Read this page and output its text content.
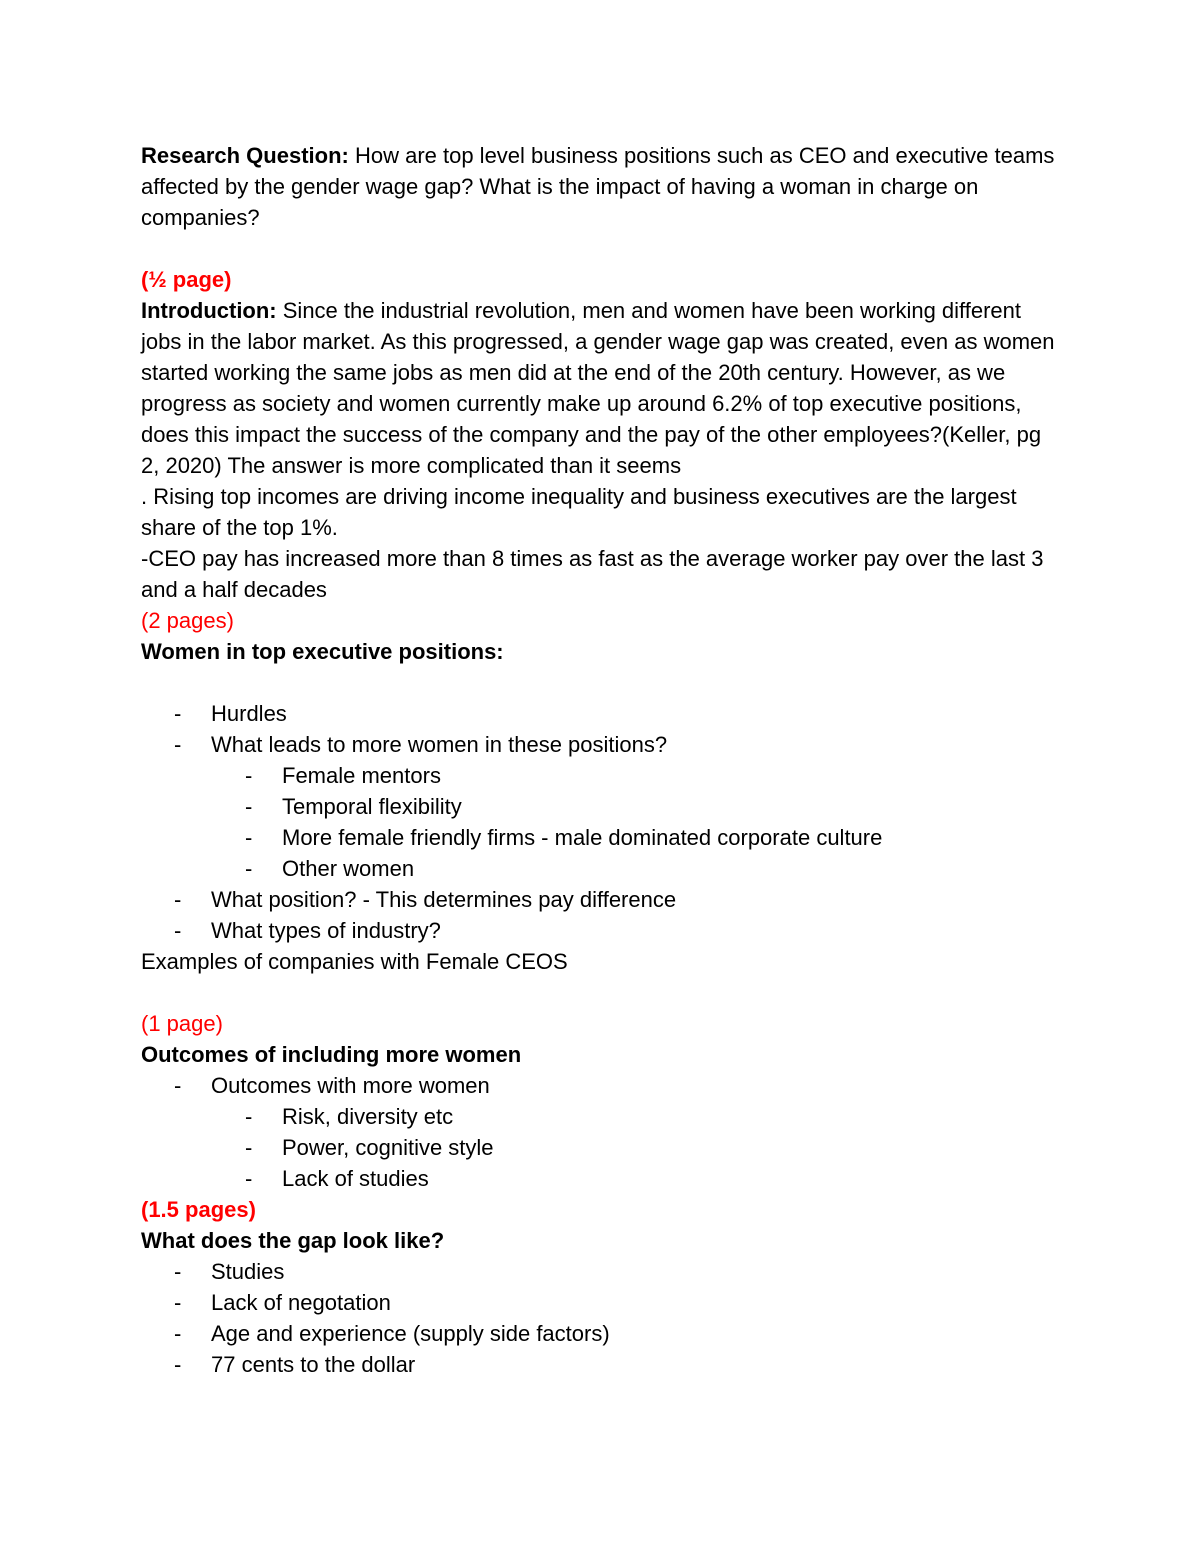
Research Question: How are top level business positions such as CEO and executive teams affected by the gender wage gap? What is the impact of having a woman in charge on companies?

(½ page)

Introduction: Since the industrial revolution, men and women have been working different jobs in the labor market. As this progressed, a gender wage gap was created, even as women started working the same jobs as men did at the end of the 20th century. However, as we progress as society and women currently make up around 6.2% of top executive positions, does this impact the success of the company and the pay of the other employees?(Keller, pg 2, 2020) The answer is more complicated than it seems

. Rising top incomes are driving income inequality and business executives are the largest share of the top 1%.

-CEO pay has increased more than 8 times as fast as the average worker pay over the last 3 and a half decades

(2 pages)

Women in top executive positions:

- Hurdles
- What leads to more women in these positions?
- Female mentors
- Temporal flexibility
- More female friendly firms - male dominated corporate culture
- Other women
- What position? - This determines pay difference
- What types of industry?

Examples of companies with Female CEOS

(1 page)

Outcomes of including more women

- Outcomes with more women
- Risk, diversity etc
- Power, cognitive style
- Lack of studies

(1.5 pages)

What does the gap look like?

- Studies
- Lack of negotation
- Age and experience (supply side factors)
- 77 cents to the dollar
